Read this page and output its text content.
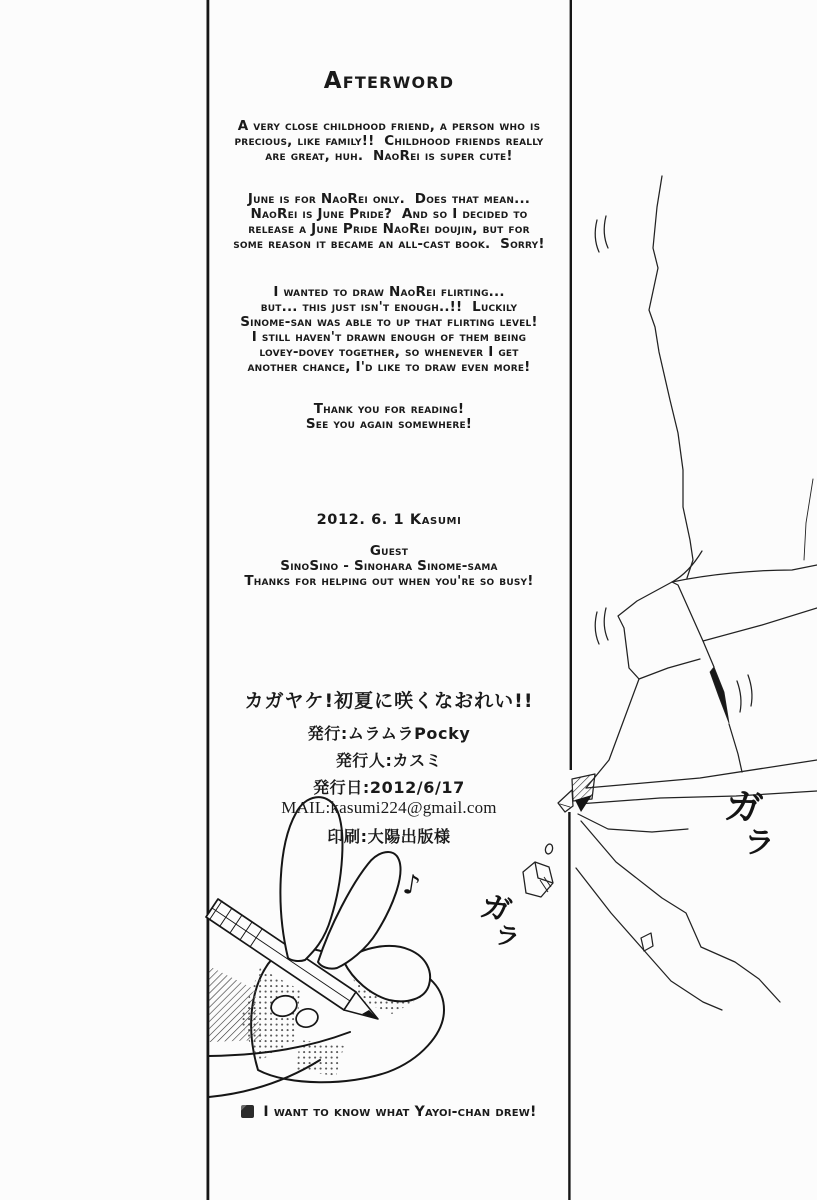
Afterword
A very close childhood friend, a person who is
precious, like family!!  Childhood friends really
are great, huh.  NaoRei is super cute!
June is for NaoRei only.  Does that mean...
NaoRei is June Pride?  And so I decided to
release a June Pride NaoRei doujin, but for
some reason it became an all-cast book.  Sorry!
I wanted to draw NaoRei flirting...
but... this just isn't enough..!!  Luckily
Sinome-san was able to up that flirting level!
I still haven't drawn enough of them being
lovey-dovey together, so whenever I get
another chance, I'd like to draw even more!
Thank you for reading!
See you again somewhere!
2012. 6. 1 Kasumi
Guest
SinoSino - Sinohara Sinome-sama
Thanks for helping out when you're so busy!
カガヤケ!初夏に咲くなおれい!!
発行:ムラムラPocky
発行人:カスミ
発行日:2012/6/17
MAIL:kasumi224@gmail.com
印刷:大陽出版様
♪
ガ
ラ
ガ
ラ
I want to know what Yayoi-chan drew!
